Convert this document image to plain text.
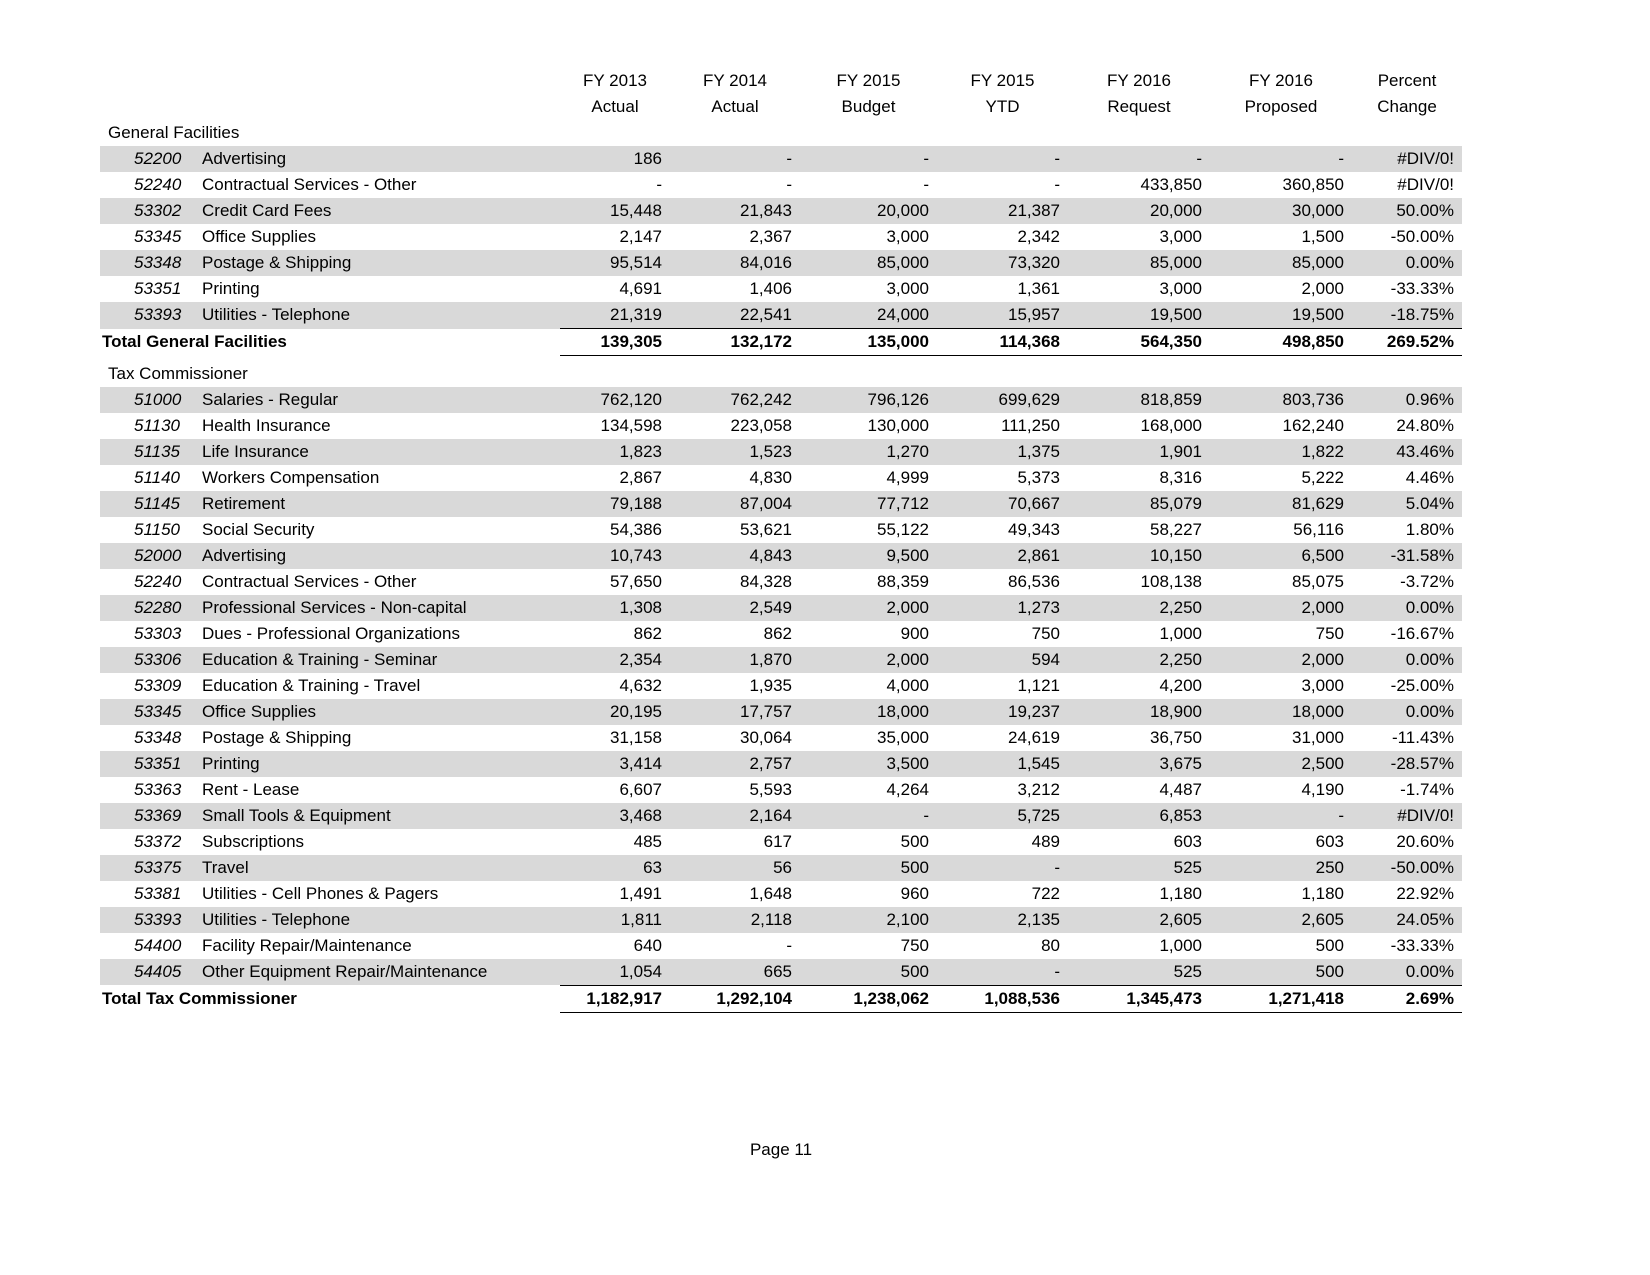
	FY 2013	FY 2014	FY 2015	FY 2015	FY 2016	FY 2016	Percent
	Actual	Actual	Budget	YTD	Request	Proposed	Change
General Facilities							
52200 Advertising	186	-	-	-	-	-	#DIV/0!
52240 Contractual Services - Other	-	-	-	-	433,850	360,850	#DIV/0!
53302 Credit Card Fees	15,448	21,843	20,000	21,387	20,000	30,000	50.00%
53345 Office Supplies	2,147	2,367	3,000	2,342	3,000	1,500	-50.00%
53348 Postage & Shipping	95,514	84,016	85,000	73,320	85,000	85,000	0.00%
53351 Printing	4,691	1,406	3,000	1,361	3,000	2,000	-33.33%
53393 Utilities - Telephone	21,319	22,541	24,000	15,957	19,500	19,500	-18.75%
Total General Facilities	139,305	132,172	135,000	114,368	564,350	498,850	269.52%

Tax Commissioner							
51000 Salaries - Regular	762,120	762,242	796,126	699,629	818,859	803,736	0.96%
51130 Health Insurance	134,598	223,058	130,000	111,250	168,000	162,240	24.80%
51135 Life Insurance	1,823	1,523	1,270	1,375	1,901	1,822	43.46%
51140 Workers Compensation	2,867	4,830	4,999	5,373	8,316	5,222	4.46%
51145 Retirement	79,188	87,004	77,712	70,667	85,079	81,629	5.04%
51150 Social Security	54,386	53,621	55,122	49,343	58,227	56,116	1.80%
52000 Advertising	10,743	4,843	9,500	2,861	10,150	6,500	-31.58%
52240 Contractual Services - Other	57,650	84,328	88,359	86,536	108,138	85,075	-3.72%
52280 Professional Services - Non-capital	1,308	2,549	2,000	1,273	2,250	2,000	0.00%
53303 Dues - Professional Organizations	862	862	900	750	1,000	750	-16.67%
53306 Education & Training - Seminar	2,354	1,870	2,000	594	2,250	2,000	0.00%
53309 Education & Training - Travel	4,632	1,935	4,000	1,121	4,200	3,000	-25.00%
53345 Office Supplies	20,195	17,757	18,000	19,237	18,900	18,000	0.00%
53348 Postage & Shipping	31,158	30,064	35,000	24,619	36,750	31,000	-11.43%
53351 Printing	3,414	2,757	3,500	1,545	3,675	2,500	-28.57%
53363 Rent - Lease	6,607	5,593	4,264	3,212	4,487	4,190	-1.74%
53369 Small Tools & Equipment	3,468	2,164	-	5,725	6,853	-	#DIV/0!
53372 Subscriptions	485	617	500	489	603	603	20.60%
53375 Travel	63	56	500	-	525	250	-50.00%
53381 Utilities - Cell Phones & Pagers	1,491	1,648	960	722	1,180	1,180	22.92%
53393 Utilities - Telephone	1,811	2,118	2,100	2,135	2,605	2,605	24.05%
54400 Facility Repair/Maintenance	640	-	750	80	1,000	500	-33.33%
54405 Other Equipment Repair/Maintenance	1,054	665	500	-	525	500	0.00%
Total Tax Commissioner	1,182,917	1,292,104	1,238,062	1,088,536	1,345,473	1,271,418	2.69%
Page 11
